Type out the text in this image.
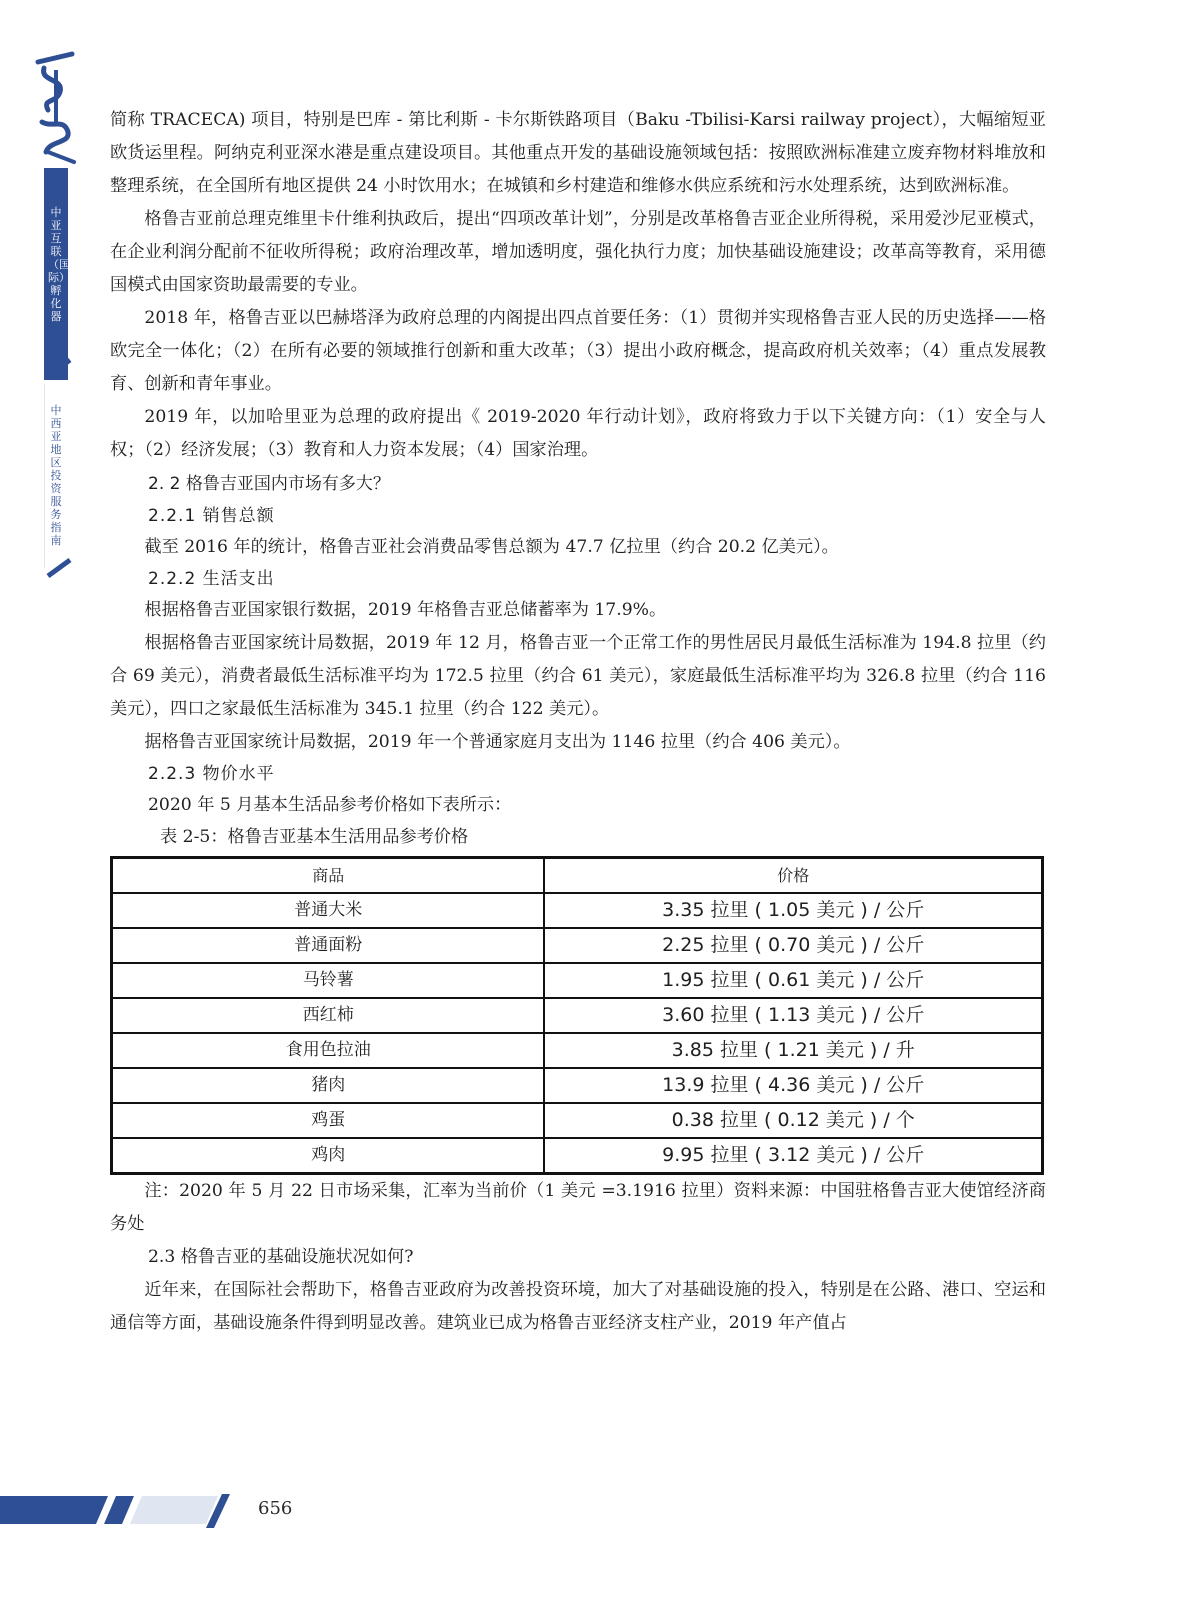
中亚互联（国际）孵化器
中西亚地区投资服务指南

简称 TRACECA) 项目，特别是巴库 - 第比利斯 - 卡尔斯铁路项目（Baku -Tbilisi-Karsi railway project），大幅缩短亚欧货运里程。阿纳克利亚深水港是重点建设项目。其他重点开发的基础设施领域包括：按照欧洲标准建立废弃物材料堆放和整理系统，在全国所有地区提供 24 小时饮用水；在城镇和乡村建造和维修水供应系统和污水处理系统，达到欧洲标准。

格鲁吉亚前总理克维里卡什维利执政后，提出“四项改革计划”，分别是改革格鲁吉亚企业所得税，采用爱沙尼亚模式，在企业利润分配前不征收所得税；政府治理改革，增加透明度，强化执行力度；加快基础设施建设；改革高等教育，采用德国模式由国家资助最需要的专业。

2018 年，格鲁吉亚以巴赫塔泽为政府总理的内阁提出四点首要任务：（1）贯彻并实现格鲁吉亚人民的历史选择——格欧完全一体化；（2）在所有必要的领域推行创新和重大改革；（3）提出小政府概念，提高政府机关效率；（4）重点发展教育、创新和青年事业。

2019 年，以加哈里亚为总理的政府提出《 2019-2020 年行动计划》，政府将致力于以下关键方向：（1）安全与人权；（2）经济发展；（3）教育和人力资本发展；（4）国家治理。

2. 2 格鲁吉亚国内市场有多大？

2.2.1 销售总额

截至 2016 年的统计，格鲁吉亚社会消费品零售总额为 47.7 亿拉里（约合 20.2 亿美元）。

2.2.2 生活支出

根据格鲁吉亚国家银行数据，2019 年格鲁吉亚总储蓄率为 17.9%。

根据格鲁吉亚国家统计局数据，2019 年 12 月，格鲁吉亚一个正常工作的男性居民月最低生活标准为 194.8 拉里（约合 69 美元），消费者最低生活标准平均为 172.5 拉里（约合 61 美元），家庭最低生活标准平均为 326.8 拉里（约合 116 美元），四口之家最低生活标准为 345.1 拉里（约合 122 美元）。

据格鲁吉亚国家统计局数据，2019 年一个普通家庭月支出为 1146 拉里（约合 406 美元）。

2.2.3 物价水平

2020 年 5 月基本生活品参考价格如下表所示：

表 2-5：格鲁吉亚基本生活用品参考价格

商品	价格
普通大米	3.35 拉里 ( 1.05 美元 ) / 公斤
普通面粉	2.25 拉里 ( 0.70 美元 ) / 公斤
马铃薯	1.95 拉里 ( 0.61 美元 ) / 公斤
西红柿	3.60 拉里 ( 1.13 美元 ) / 公斤
食用色拉油	3.85 拉里 ( 1.21 美元 ) / 升
猪肉	13.9 拉里 ( 4.36 美元 ) / 公斤
鸡蛋	0.38 拉里 ( 0.12 美元 ) / 个
鸡肉	9.95 拉里 ( 3.12 美元 ) / 公斤

注：2020 年 5 月 22 日市场采集，汇率为当前价（1 美元 =3.1916 拉里）资料来源：中国驻格鲁吉亚大使馆经济商务处

2.3 格鲁吉亚的基础设施状况如何?

近年来，在国际社会帮助下，格鲁吉亚政府为改善投资环境，加大了对基础设施的投入，特别是在公路、港口、空运和通信等方面，基础设施条件得到明显改善。建筑业已成为格鲁吉亚经济支柱产业，2019 年产值占

656
